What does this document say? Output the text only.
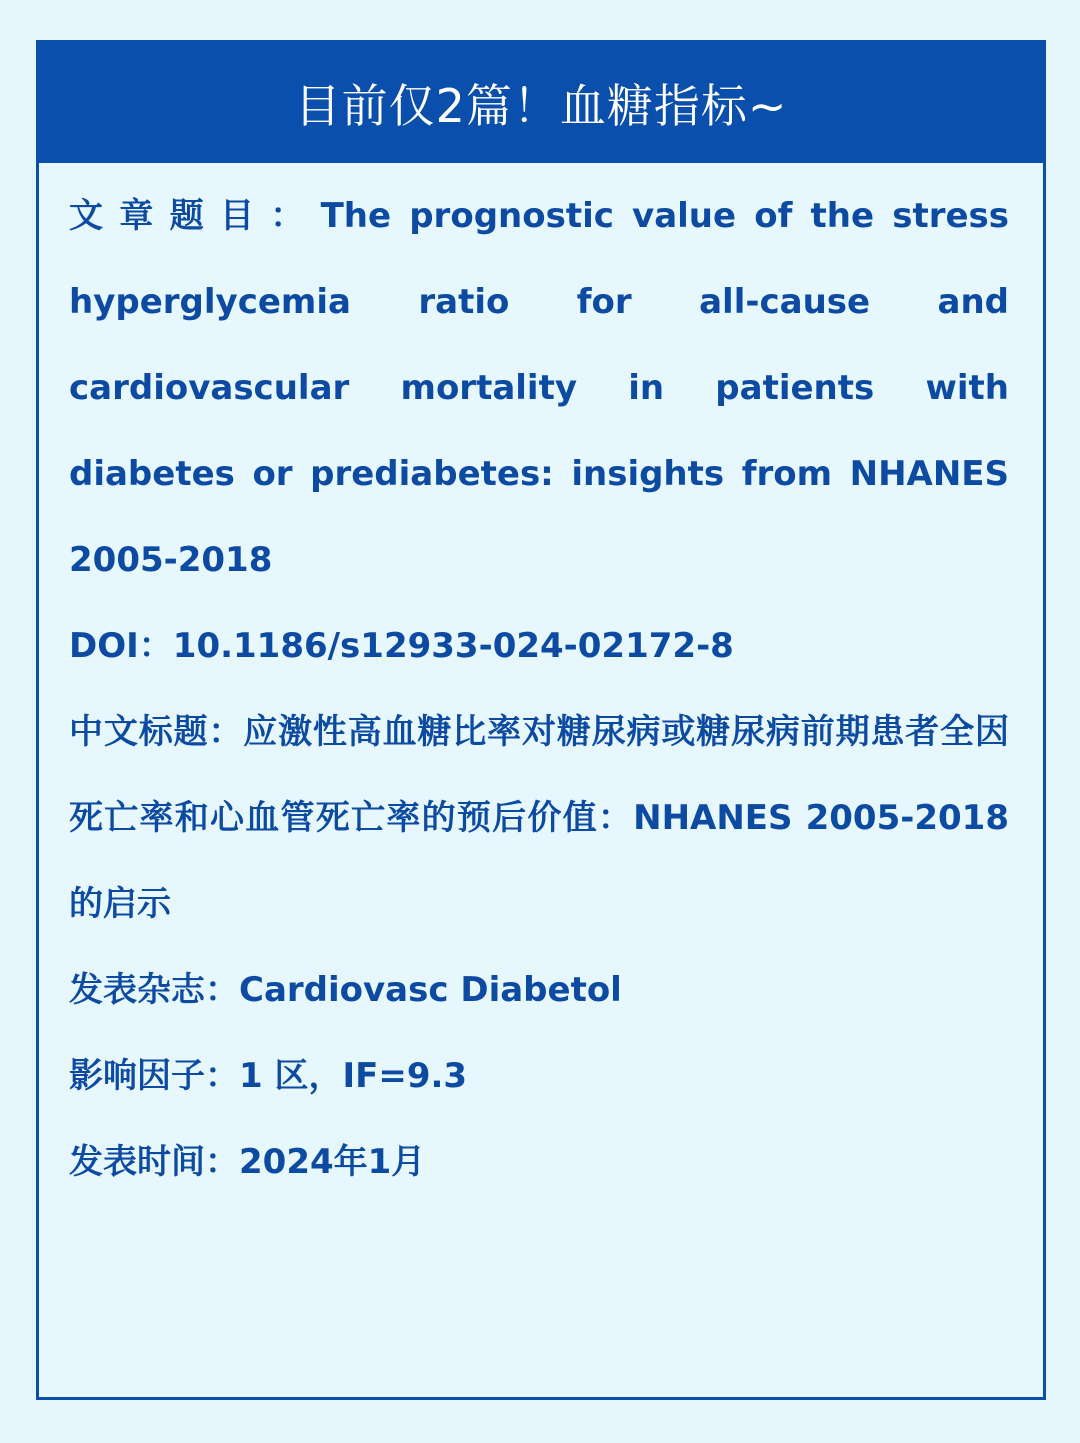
目前仅2篇！血糖指标~
文章题目：The prognostic value of the stress hyperglycemia ratio for all-cause and cardiovascular mortality in patients with diabetes or prediabetes: insights from NHANES 2005-2018
DOI：10.1186/s12933-024-02172-8
中文标题：应激性高血糖比率对糖尿病或糖尿病前期患者全因死亡率和心血管死亡率的预后价值：NHANES 2005-2018 的启示
发表杂志：Cardiovasc Diabetol
影响因子：1 区，IF=9.3
发表时间：2024年1月
